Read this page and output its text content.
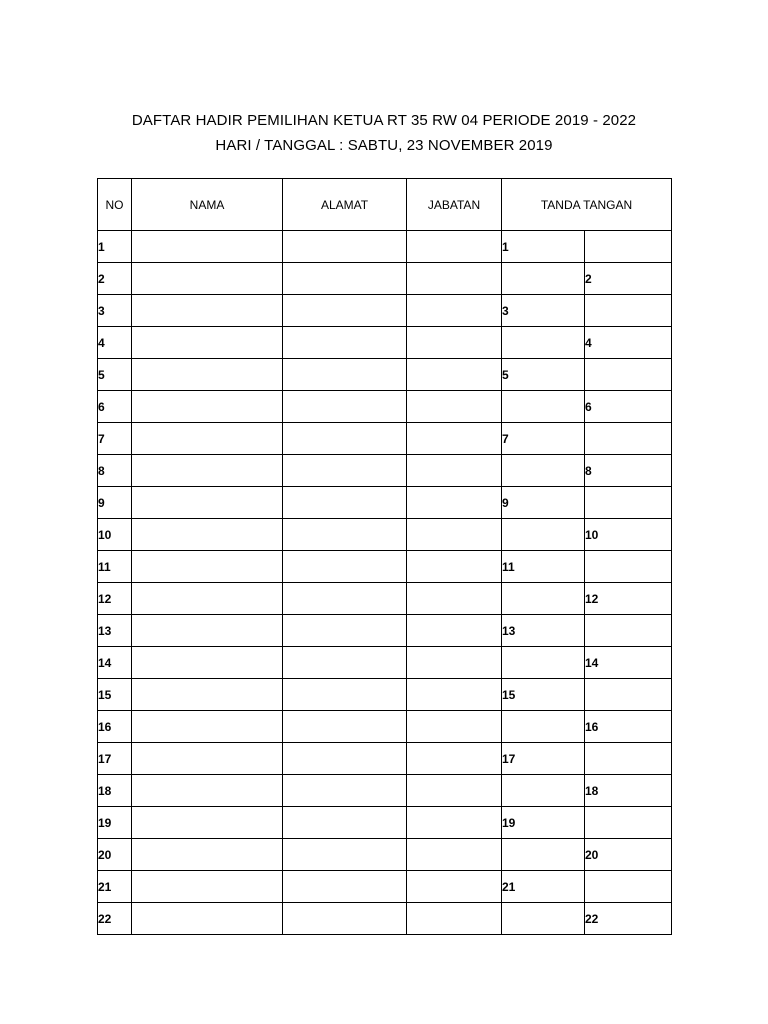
DAFTAR HADIR PEMILIHAN KETUA RT 35 RW 04 PERIODE 2019 - 2022
HARI / TANGGAL : SABTU, 23 NOVEMBER 2019
NO	NAMA	ALAMAT	JABATAN	TANDA TANGAN	
1				1	
2					2
3				3	
4					4
5				5	
6					6
7				7	
8					8
9				9	
10					10
11				11	
12					12
13				13	
14					14
15				15	
16					16
17				17	
18					18
19				19	
20					20
21				21	
22					22
